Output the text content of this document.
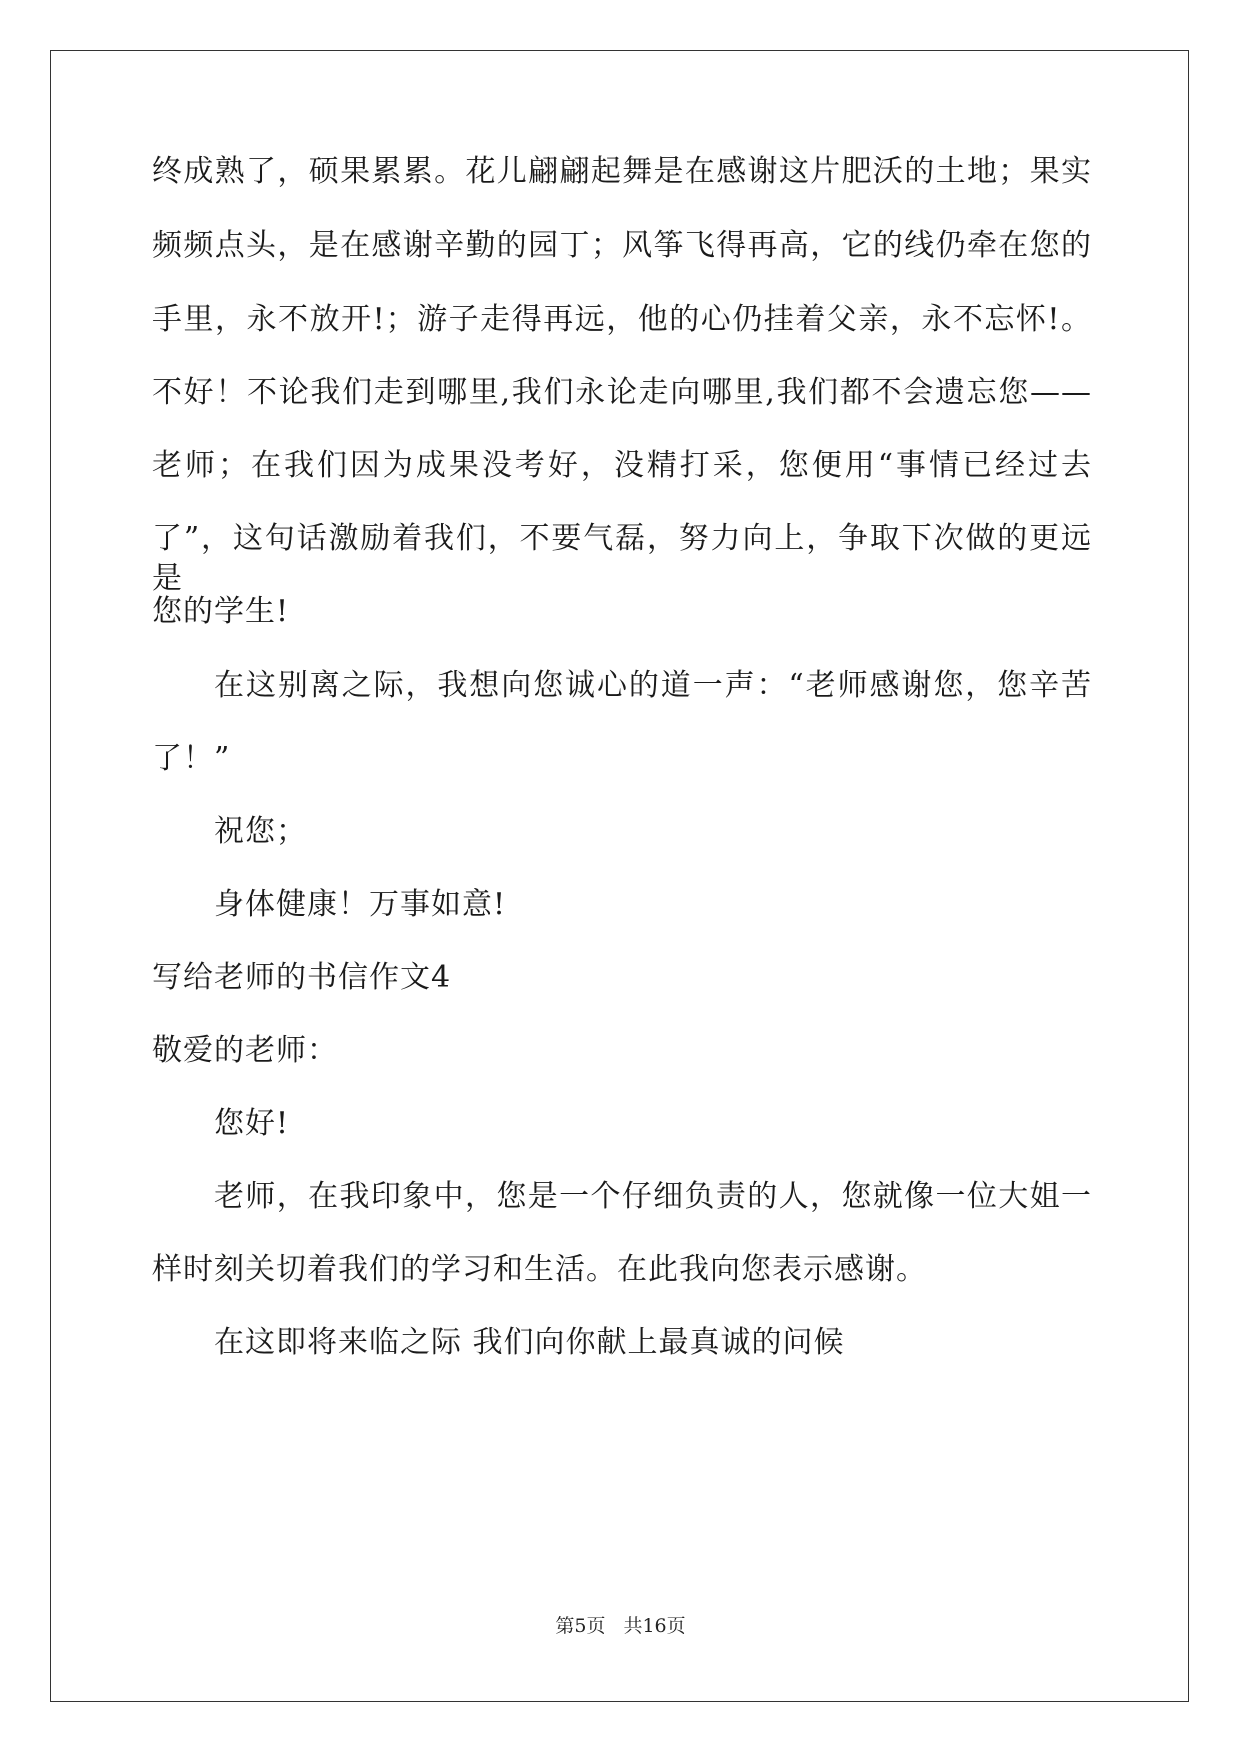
终成熟了，硕果累累。花儿翩翩起舞是在感谢这片肥沃的土地；果实
频频点头，是在感谢辛勤的园丁；风筝飞得再高，它的线仍牵在您的
手里，永不放开!；游子走得再远，他的心仍挂着父亲，永不忘怀!。
不好！不论我们走到哪里,我们永论走向哪里,我们都不会遗忘您——
老师；在我们因为成果没考好，没精打采，您便用“事情已经过去
了”，这句话激励着我们，不要气磊，努力向上，争取下次做的更远是
您的学生!
在这别离之际，我想向您诚心的道一声：“老师感谢您，您辛苦
了！”
祝您；
身体健康！万事如意!
写给老师的书信作文4
敬爱的老师：
您好!
老师，在我印象中，您是一个仔细负责的人，您就像一位大姐一
样时刻关切着我们的学习和生活。在此我向您表示感谢。
在这即将来临之际 我们向你献上最真诚的问候
第5页 共16页
